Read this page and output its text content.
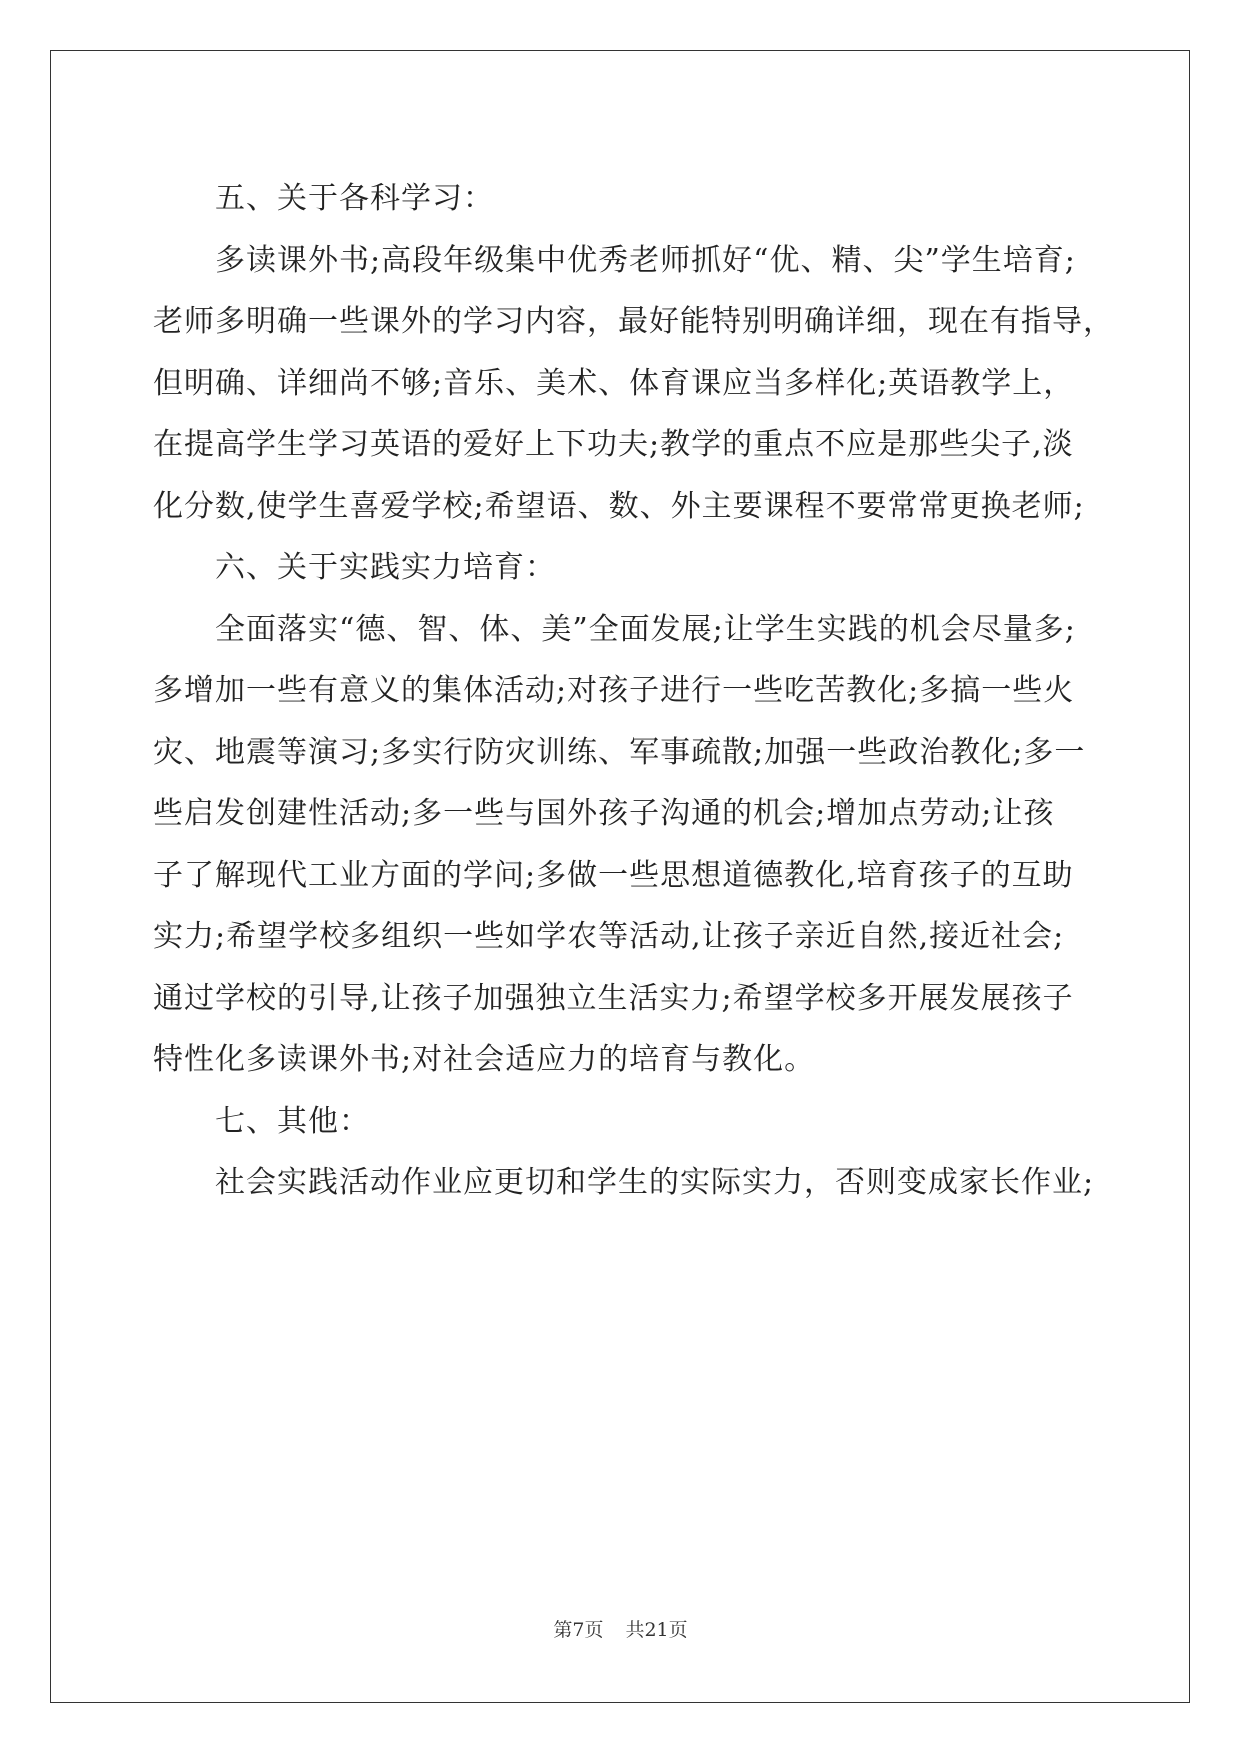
五、关于各科学习：
多读课外书;高段年级集中优秀老师抓好“优、精、尖”学生培育;
老师多明确一些课外的学习内容，最好能特别明确详细，现在有指导，
但明确、详细尚不够;音乐、美术、体育课应当多样化;英语教学上，
在提高学生学习英语的爱好上下功夫;教学的重点不应是那些尖子,淡
化分数,使学生喜爱学校;希望语、数、外主要课程不要常常更换老师;
六、关于实践实力培育：
全面落实“德、智、体、美”全面发展;让学生实践的机会尽量多;
多增加一些有意义的集体活动;对孩子进行一些吃苦教化;多搞一些火
灾、地震等演习;多实行防灾训练、军事疏散;加强一些政治教化;多一
些启发创建性活动;多一些与国外孩子沟通的机会;增加点劳动;让孩
子了解现代工业方面的学问;多做一些思想道德教化,培育孩子的互助
实力;希望学校多组织一些如学农等活动,让孩子亲近自然,接近社会;
通过学校的引导,让孩子加强独立生活实力;希望学校多开展发展孩子
特性化多读课外书;对社会适应力的培育与教化。
七、其他：
社会实践活动作业应更切和学生的实际实力，否则变成家长作业;
第7页 共21页
